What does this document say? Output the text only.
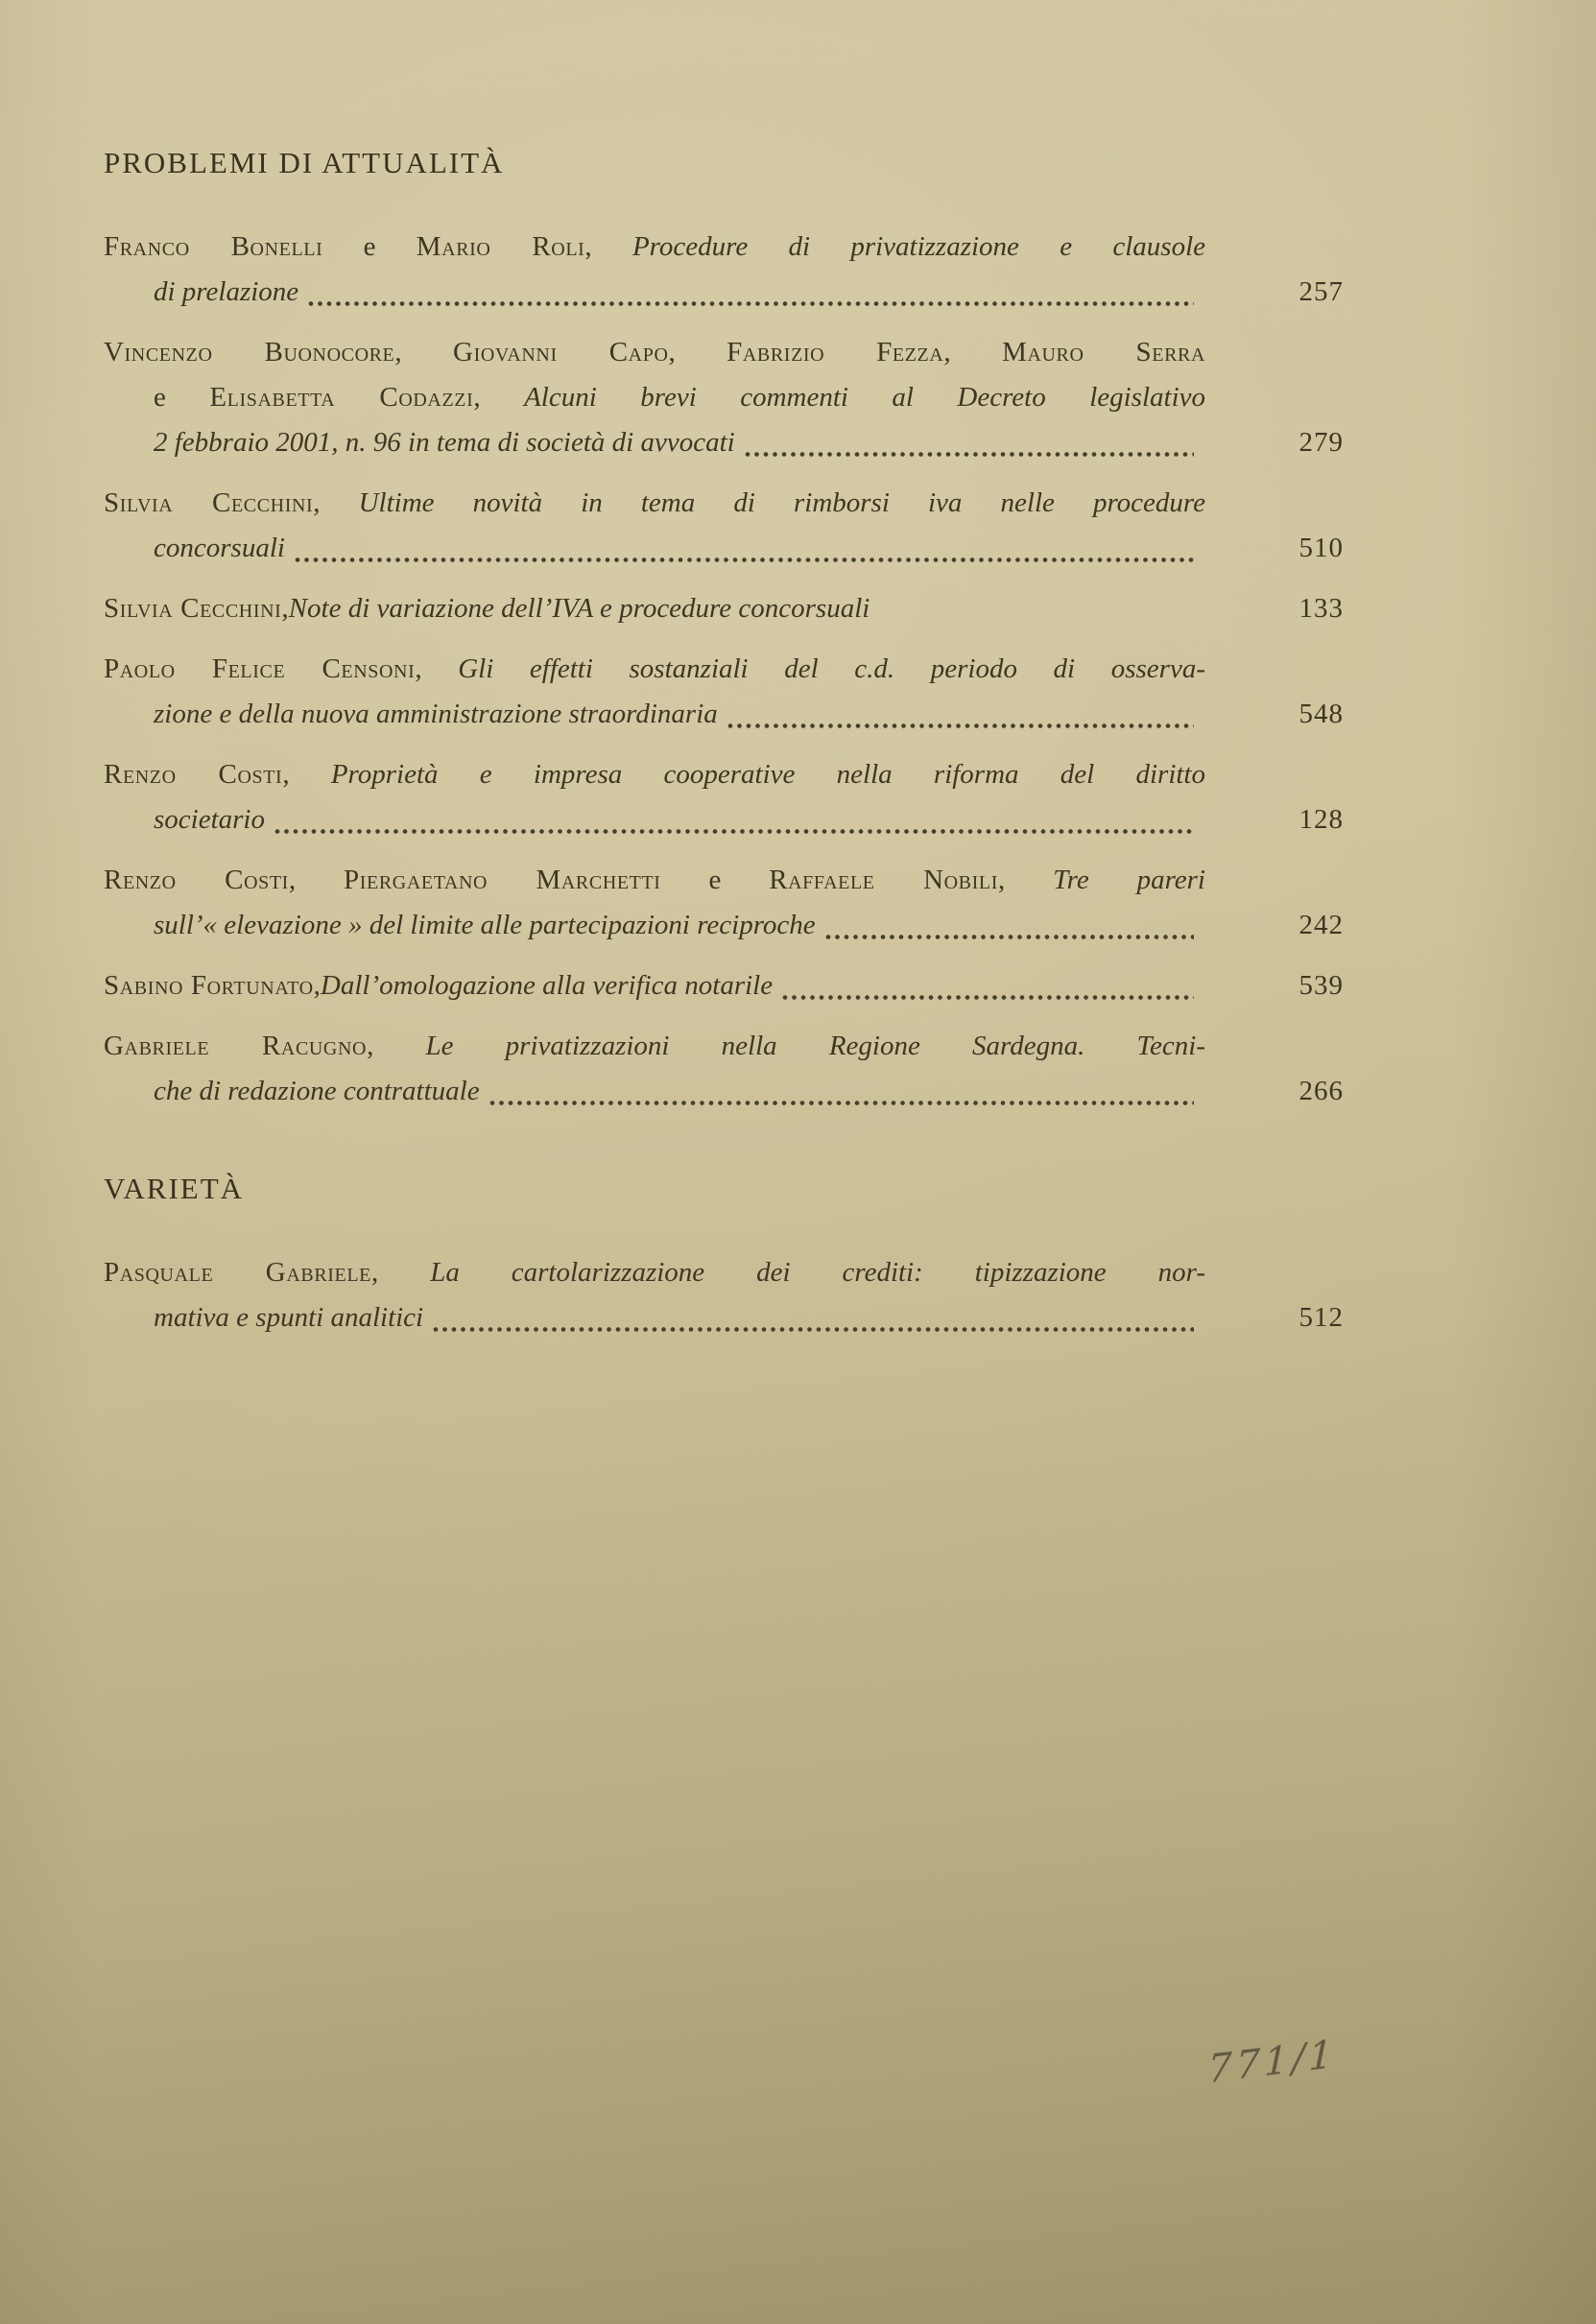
PROBLEMI DI ATTUALITÀ
Franco Bonelli e Mario Roli, Procedure di privatizzazione e clausole
di prelazione	257
Vincenzo Buonocore, Giovanni Capo, Fabrizio Fezza, Mauro Serra
e Elisabetta Codazzi, Alcuni brevi commenti al Decreto legislativo
2 febbraio 2001, n. 96 in tema di società di avvocati	279
Silvia Cecchini, Ultime novità in tema di rimborsi iva nelle procedure
concorsuali	510
Silvia Cecchini , Note di variazione dell’IVA e procedure concorsuali	133
Paolo Felice Censoni, Gli effetti sostanziali del c.d. periodo di osserva-
zione e della nuova amministrazione straordinaria	548
Renzo Costi, Proprietà e impresa cooperative nella riforma del diritto
societario	128
Renzo Costi, Piergaetano Marchetti e Raffaele Nobili, Tre pareri
sull’« elevazione » del limite alle partecipazioni reciproche	242
Sabino Fortunato , Dall’omologazione alla verifica notarile	539
Gabriele Racugno, Le privatizzazioni nella Regione Sardegna. Tecni-
che di redazione contrattuale	266
VARIETÀ
Pasquale Gabriele, La cartolarizzazione dei crediti: tipizzazione nor-
mativa e spunti analitici	512
771/1
